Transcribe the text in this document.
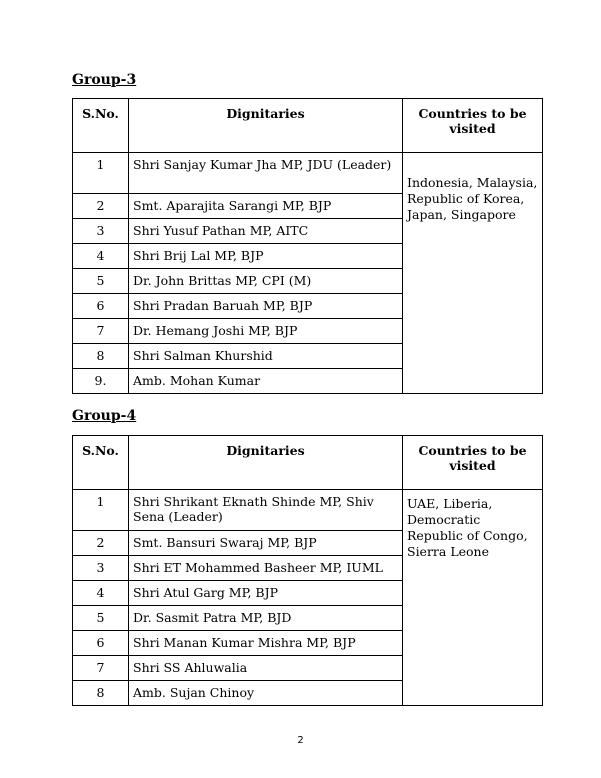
Group-3

S.No.	Dignitaries	Countries to be visited
1	Shri Sanjay Kumar Jha MP, JDU (Leader)	Indonesia, Malaysia, Republic of Korea, Japan, Singapore
2	Smt. Aparajita Sarangi MP, BJP	
3	Shri Yusuf Pathan MP, AITC	
4	Shri Brij Lal MP, BJP	
5	Dr. John Brittas MP, CPI (M)	
6	Shri Pradan Baruah MP, BJP	
7	Dr. Hemang Joshi MP, BJP	
8	Shri Salman Khurshid	
9.	Amb. Mohan Kumar	

Group-4

S.No.	Dignitaries	Countries to be visited
1	Shri Shrikant Eknath Shinde MP, Shiv Sena (Leader)	UAE, Liberia, Democratic Republic of Congo, Sierra Leone
2	Smt. Bansuri Swaraj MP, BJP	
3	Shri ET Mohammed Basheer MP, IUML	
4	Shri Atul Garg MP, BJP	
5	Dr. Sasmit Patra MP, BJD	
6	Shri Manan Kumar Mishra MP, BJP	
7	Shri SS Ahluwalia	
8	Amb. Sujan Chinoy	
2
